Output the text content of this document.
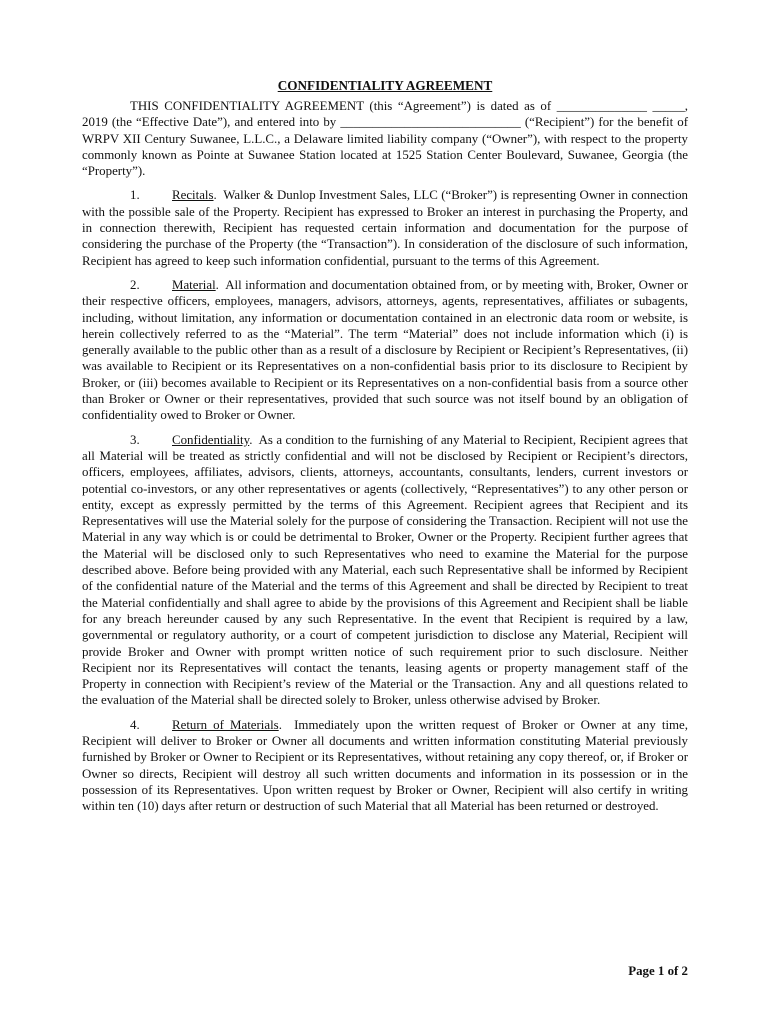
CONFIDENTIALITY AGREEMENT

THIS CONFIDENTIALITY AGREEMENT (this “Agreement”) is dated as of ______________ _____, 2019 (the “Effective Date”), and entered into by ____________________________ (“Recipient”) for the benefit of WRPV XII Century Suwanee, L.L.C., a Delaware limited liability company (“Owner”), with respect to the property commonly known as Pointe at Suwanee Station located at 1525 Station Center Boulevard, Suwanee, Georgia (the “Property”).

1.	Recitals.  Walker & Dunlop Investment Sales, LLC (“Broker”) is representing Owner in connection with the possible sale of the Property. Recipient has expressed to Broker an interest in purchasing the Property, and in connection therewith, Recipient has requested certain information and documentation for the purpose of considering the purchase of the Property (the “Transaction”). In consideration of the disclosure of such information, Recipient has agreed to keep such information confidential, pursuant to the terms of this Agreement.

2.	Material.  All information and documentation obtained from, or by meeting with, Broker, Owner or their respective officers, employees, managers, advisors, attorneys, agents, representatives, affiliates or subagents, including, without limitation, any information or documentation contained in an electronic data room or website, is herein collectively referred to as the “Material”. The term “Material” does not include information which (i) is generally available to the public other than as a result of a disclosure by Recipient or Recipient’s Representatives, (ii) was available to Recipient or its Representatives on a non-confidential basis prior to its disclosure to Recipient by Broker, or (iii) becomes available to Recipient or its Representatives on a non-confidential basis from a source other than Broker or Owner or their representatives, provided that such source was not itself bound by an obligation of confidentiality owed to Broker or Owner.

3.	Confidentiality.  As a condition to the furnishing of any Material to Recipient, Recipient agrees that all Material will be treated as strictly confidential and will not be disclosed by Recipient or Recipient’s directors, officers, employees, affiliates, advisors, clients, attorneys, accountants, consultants, lenders, current investors or potential co-investors, or any other representatives or agents (collectively, “Representatives”) to any other person or entity, except as expressly permitted by the terms of this Agreement. Recipient agrees that Recipient and its Representatives will use the Material solely for the purpose of considering the Transaction. Recipient will not use the Material in any way which is or could be detrimental to Broker, Owner or the Property. Recipient further agrees that the Material will be disclosed only to such Representatives who need to examine the Material for the purpose described above. Before being provided with any Material, each such Representative shall be informed by Recipient of the confidential nature of the Material and the terms of this Agreement and shall be directed by Recipient to treat the Material confidentially and shall agree to abide by the provisions of this Agreement and Recipient shall be liable for any breach hereunder caused by any such Representative. In the event that Recipient is required by a law, governmental or regulatory authority, or a court of competent jurisdiction to disclose any Material, Recipient will provide Broker and Owner with prompt written notice of such requirement prior to such disclosure. Neither Recipient nor its Representatives will contact the tenants, leasing agents or property management staff of the Property in connection with Recipient’s review of the Material or the Transaction. Any and all questions related to the evaluation of the Material shall be directed solely to Broker, unless otherwise advised by Broker.

4.	Return of Materials.  Immediately upon the written request of Broker or Owner at any time, Recipient will deliver to Broker or Owner all documents and written information constituting Material previously furnished by Broker or Owner to Recipient or its Representatives, without retaining any copy thereof, or, if Broker or Owner so directs, Recipient will destroy all such written documents and information in its possession or in the possession of its Representatives. Upon written request by Broker or Owner, Recipient will also certify in writing within ten (10) days after return or destruction of such Material that all Material has been returned or destroyed.

Page 1 of 2
